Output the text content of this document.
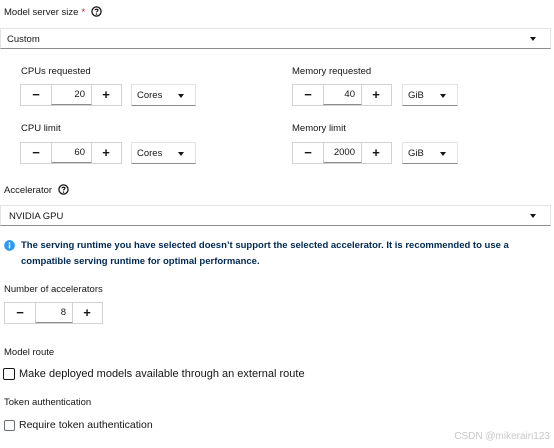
Model server size *
Custom
CPUs requested
−	20	+	Cores
Memory requested
−	40	+	GiB
CPU limit
−	60	+	Cores
Memory limit
−	2000	+	GiB
Accelerator
NVIDIA GPU
The serving runtime you have selected doesn’t support the selected accelerator. It is recommended to use a
compatible serving runtime for optimal performance.
Number of accelerators
−	8	+
Model route
Make deployed models available through an external route
Token authentication
Require token authentication
CSDN @mikerain123
